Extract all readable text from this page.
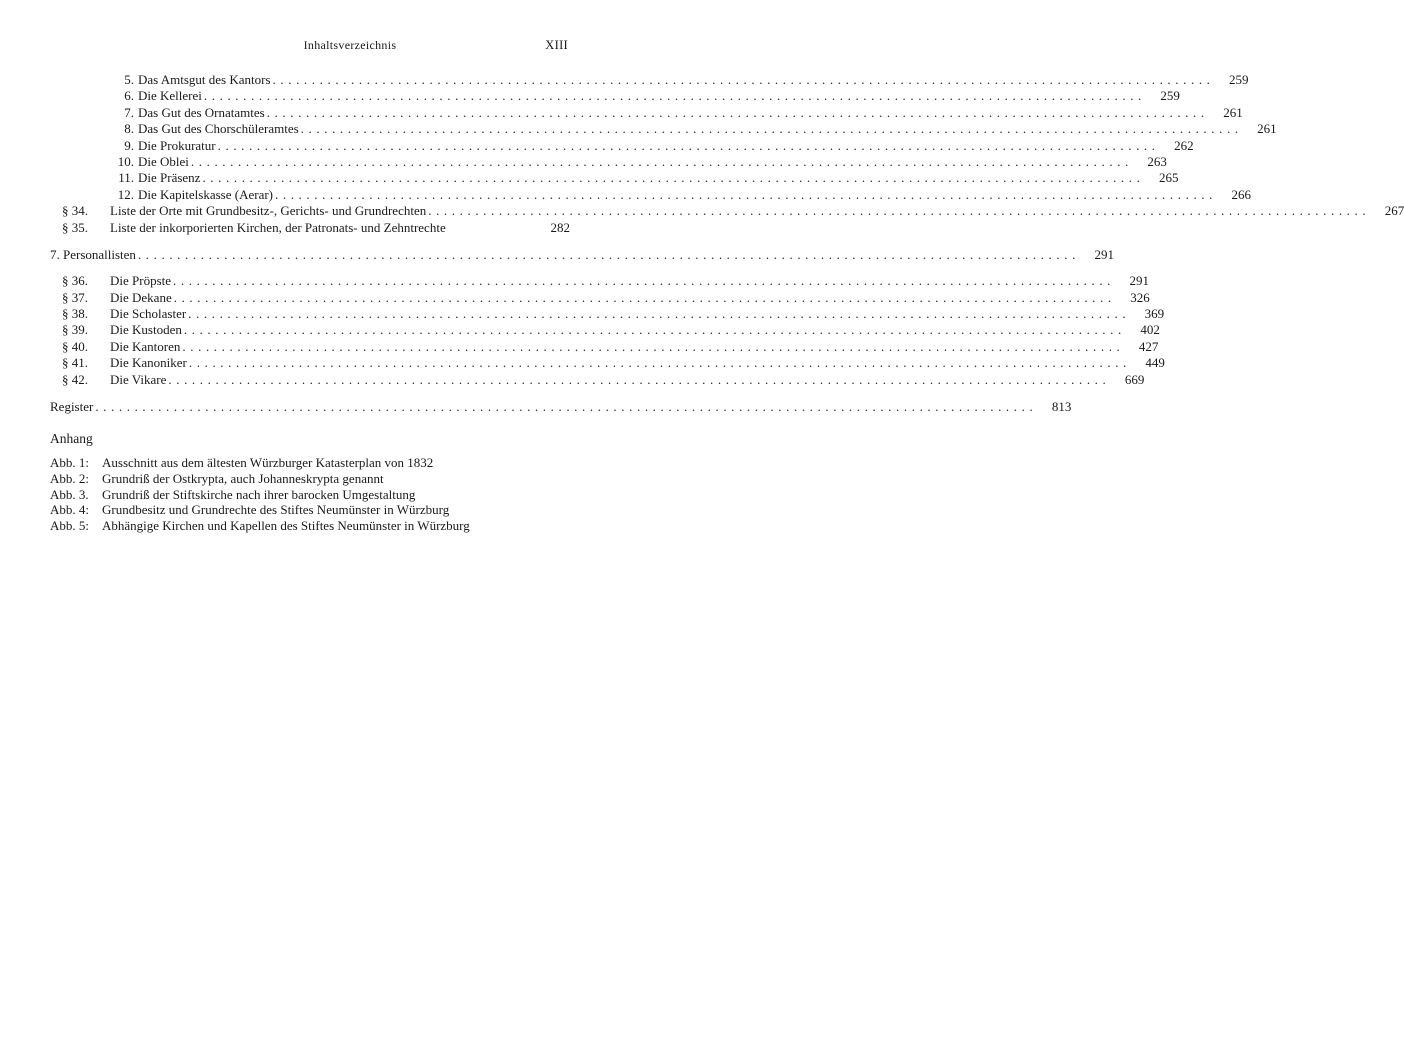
Inhaltsverzeichnis	XIII
5. Das Amtsgut des Kantors ........................................................................................................................	259
6. Die Kellerei ........................................................................................................................	259
7. Das Gut des Ornatamtes ........................................................................................................................	261
8. Das Gut des Chorschüleramtes ........................................................................................................................	261
9. Die Prokuratur ........................................................................................................................	262
10. Die Oblei ........................................................................................................................	263
11. Die Präsenz ........................................................................................................................	265
12. Die Kapitelskasse (Aerar) ........................................................................................................................	266
§ 34.	Liste der Orte mit Grundbesitz-, Gerichts- und Grundrechten ........................................................................................................................	267
§ 35.	Liste der inkorporierten Kirchen, der Patronats- und Zehntrechte	282
7. Personallisten ........................................................................................................................	291
§ 36.	Die Pröpste ........................................................................................................................	291
§ 37.	Die Dekane ........................................................................................................................	326
§ 38.	Die Scholaster ........................................................................................................................	369
§ 39.	Die Kustoden ........................................................................................................................	402
§ 40.	Die Kantoren ........................................................................................................................	427
§ 41.	Die Kanoniker ........................................................................................................................	449
§ 42.	Die Vikare ........................................................................................................................	669
Register ........................................................................................................................	813
Anhang
Abb. 1: Ausschnitt aus dem ältesten Würzburger Katasterplan von 1832
Abb. 2: Grundriß der Ostkrypta, auch Johanneskrypta genannt
Abb. 3. Grundriß der Stiftskirche nach ihrer barocken Umgestaltung
Abb. 4: Grundbesitz und Grundrechte des Stiftes Neumünster in Würzburg
Abb. 5: Abhängige Kirchen und Kapellen des Stiftes Neumünster in Würzburg
